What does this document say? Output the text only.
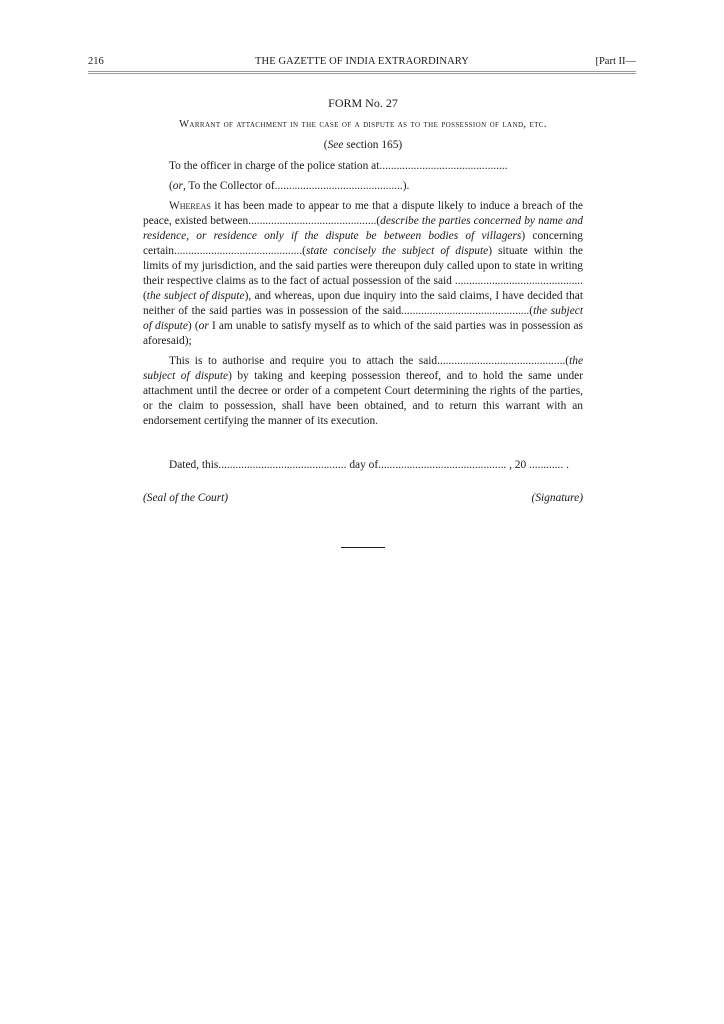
216	THE GAZETTE OF INDIA EXTRAORDINARY	[Part II—
FORM No. 27
Warrant of attachment in the case of a dispute as to the possession of land, etc.
(See section 165)

To the officer in charge of the police station at.............................................

(or, To the Collector of.............................................).

Whereas it has been made to appear to me that a dispute likely to induce a breach of the peace, existed between.............................................(describe the parties concerned by name and residence, or residence only if the dispute be between bodies of villagers) concerning certain.............................................(state concisely the subject of dispute) situate within the limits of my jurisdiction, and the said parties were thereupon duly called upon to state in writing their respective claims as to the fact of actual possession of the said .............................................(the subject of dispute), and whereas, upon due inquiry into the said claims, I have decided that neither of the said parties was in possession of the said.............................................(the subject of dispute) (or I am unable to satisfy myself as to which of the said parties was in possession as aforesaid);

This is to authorise and require you to attach the said.............................................(the subject of dispute) by taking and keeping possession thereof, and to hold the same under attachment until the decree or order of a competent Court determining the rights of the parties, or the claim to possession, shall have been obtained, and to return this warrant with an endorsement certifying the manner of its execution.

Dated, this............................................. day of............................................. , 20 ............ .

(Seal of the Court)	(Signature)
